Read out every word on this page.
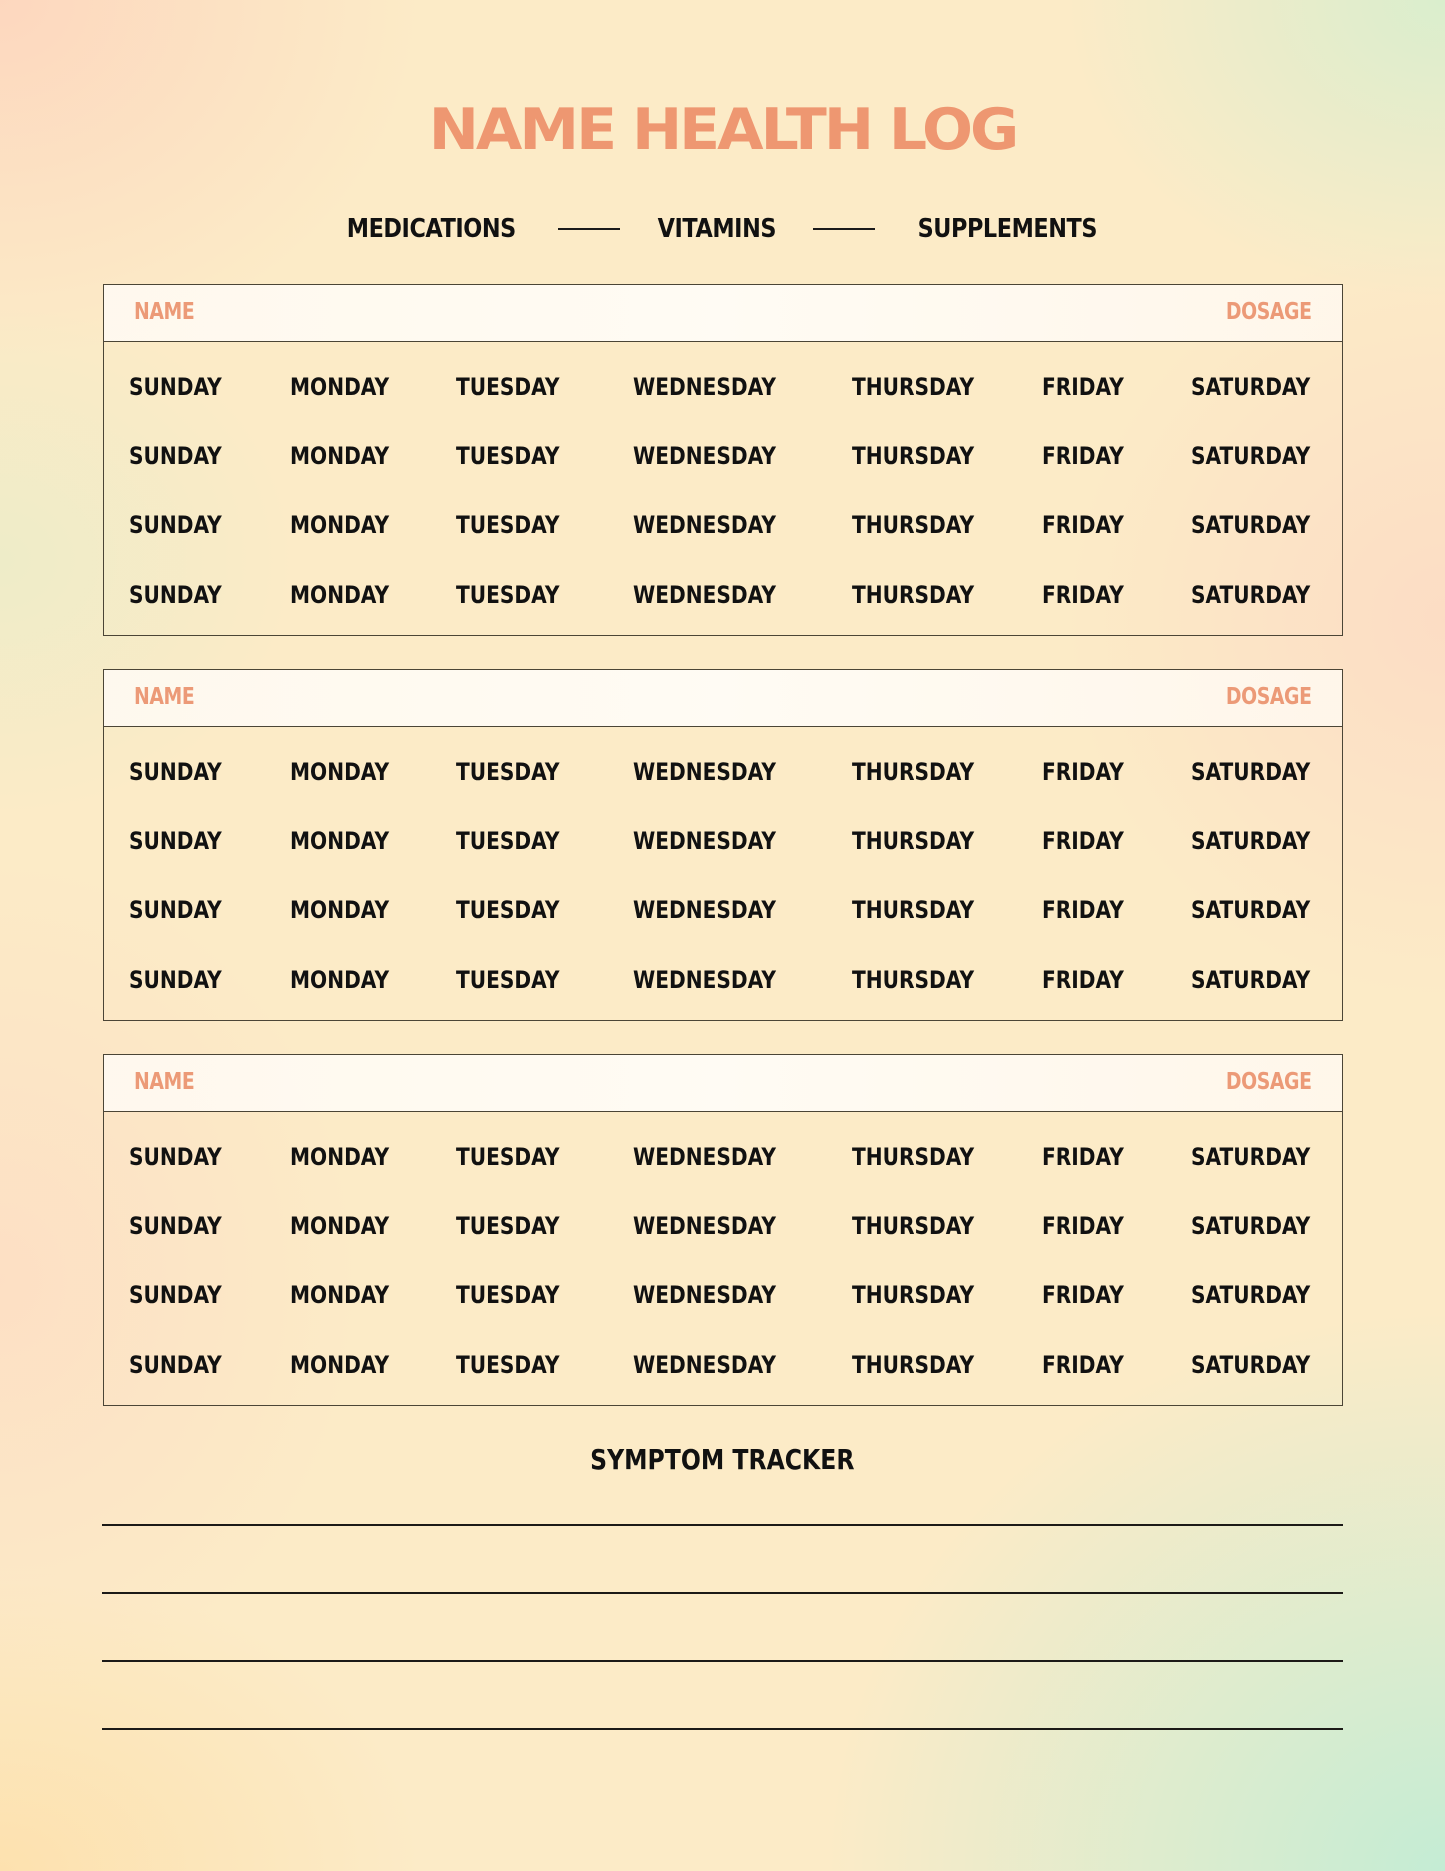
NAME HEALTH LOG
MEDICATIONS	VITAMINS	SUPPLEMENTS
NAME	DOSAGE
SUNDAY	MONDAY	TUESDAY	WEDNESDAY	THURSDAY	FRIDAY	SATURDAY
SUNDAY	MONDAY	TUESDAY	WEDNESDAY	THURSDAY	FRIDAY	SATURDAY
SUNDAY	MONDAY	TUESDAY	WEDNESDAY	THURSDAY	FRIDAY	SATURDAY
SUNDAY	MONDAY	TUESDAY	WEDNESDAY	THURSDAY	FRIDAY	SATURDAY
NAME	DOSAGE
SUNDAY	MONDAY	TUESDAY	WEDNESDAY	THURSDAY	FRIDAY	SATURDAY
SUNDAY	MONDAY	TUESDAY	WEDNESDAY	THURSDAY	FRIDAY	SATURDAY
SUNDAY	MONDAY	TUESDAY	WEDNESDAY	THURSDAY	FRIDAY	SATURDAY
SUNDAY	MONDAY	TUESDAY	WEDNESDAY	THURSDAY	FRIDAY	SATURDAY
NAME	DOSAGE
SUNDAY	MONDAY	TUESDAY	WEDNESDAY	THURSDAY	FRIDAY	SATURDAY
SUNDAY	MONDAY	TUESDAY	WEDNESDAY	THURSDAY	FRIDAY	SATURDAY
SUNDAY	MONDAY	TUESDAY	WEDNESDAY	THURSDAY	FRIDAY	SATURDAY
SUNDAY	MONDAY	TUESDAY	WEDNESDAY	THURSDAY	FRIDAY	SATURDAY
SYMPTOM TRACKER
